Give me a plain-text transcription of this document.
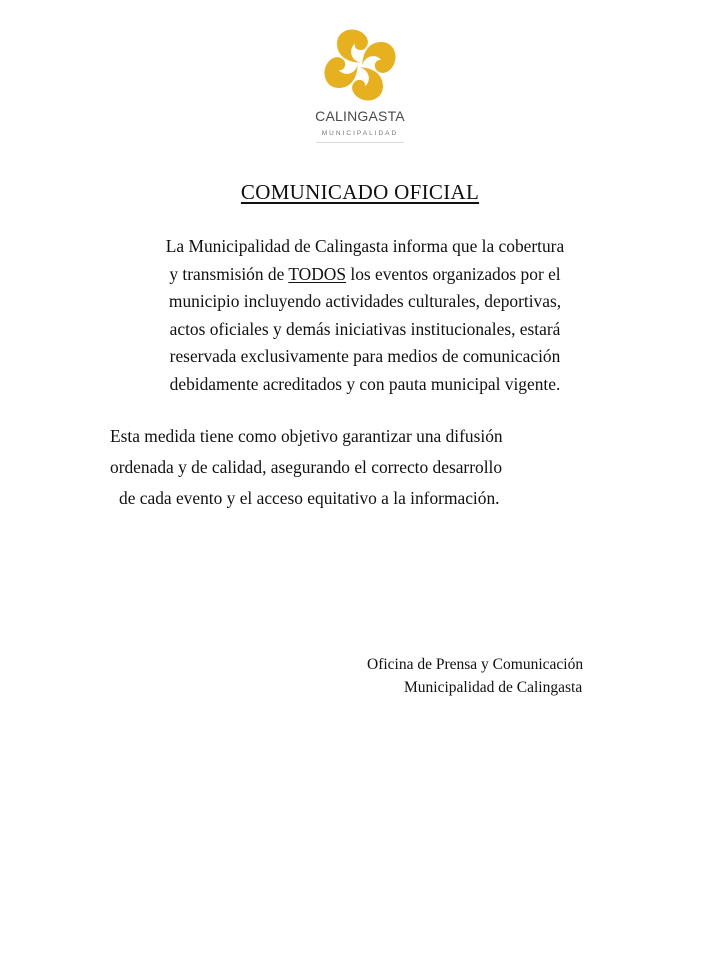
CALINGASTA
MUNICIPALIDAD
COMUNICADO OFICIAL
La Municipalidad de Calingasta informa que la cobertura
y transmisión de TODOS los eventos organizados por el
municipio incluyendo actividades culturales, deportivas,
actos oficiales y demás iniciativas institucionales, estará
reservada exclusivamente para medios de comunicación
debidamente acreditados y con pauta municipal vigente.
Esta medida tiene como objetivo garantizar una difusión
ordenada y de calidad, asegurando el correcto desarrollo
de cada evento y el acceso equitativo a la información.
Oficina de Prensa y Comunicación
Municipalidad de Calingasta
